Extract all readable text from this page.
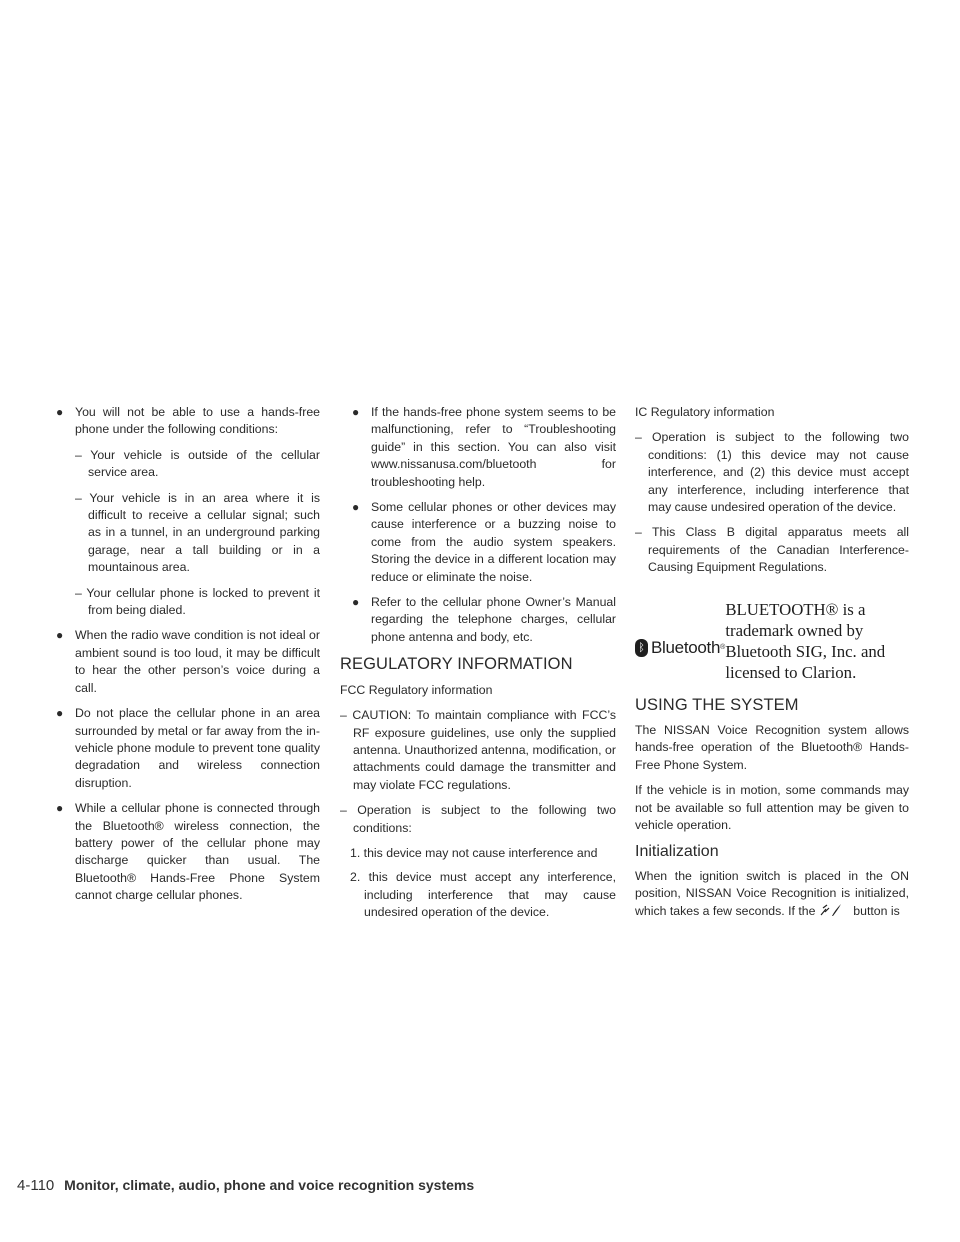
● You will not be able to use a hands-free phone under the following conditions:

– Your vehicle is outside of the cellular service area.

– Your vehicle is in an area where it is difficult to receive a cellular signal; such as in a tunnel, in an underground parking garage, near a tall building or in a mountainous area.

– Your cellular phone is locked to prevent it from being dialed.

● When the radio wave condition is not ideal or ambient sound is too loud, it may be difficult to hear the other person’s voice during a call.

● Do not place the cellular phone in an area surrounded by metal or far away from the in-vehicle phone module to prevent tone quality degradation and wireless connection disruption.

● While a cellular phone is connected through the Bluetooth® wireless connection, the battery power of the cellular phone may discharge quicker than usual. The Bluetooth® Hands-Free Phone System cannot charge cellular phones.

● If the hands-free phone system seems to be malfunctioning, refer to “Troubleshooting guide” in this section. You can also visit www.nissanusa.com/bluetooth for troubleshooting help.

● Some cellular phones or other devices may cause interference or a buzzing noise to come from the audio system speakers. Storing the device in a different location may reduce or eliminate the noise.

● Refer to the cellular phone Owner’s Manual regarding the telephone charges, cellular phone antenna and body, etc.

REGULATORY INFORMATION

FCC Regulatory information

– CAUTION: To maintain compliance with FCC’s RF exposure guidelines, use only the supplied antenna. Unauthorized antenna, modification, or attachments could damage the transmitter and may violate FCC regulations.

– Operation is subject to the following two conditions:

1. this device may not cause interference and

2. this device must accept any interference, including interference that may cause undesired operation of the device.

IC Regulatory information

– Operation is subject to the following two conditions: (1) this device may not cause interference, and (2) this device must accept any interference, including interference that may cause undesired operation of the device.

– This Class B digital apparatus meets all requirements of the Canadian Interference-Causing Equipment Regulations.

ᛒ Bluetooth ®
BLUETOOTH® is a trademark owned by Bluetooth SIG, Inc. and licensed to Clarion.
USING THE SYSTEM

The NISSAN Voice Recognition system allows hands-free operation of the Bluetooth® Hands-Free Phone System.

If the vehicle is in motion, some commands may not be available so full attention may be given to vehicle operation.

Initialization

When the ignition switch is placed in the ON position, NISSAN Voice Recognition is initialized, which takes a few seconds. If the	button is

4-110 Monitor, climate, audio, phone and voice recognition systems
